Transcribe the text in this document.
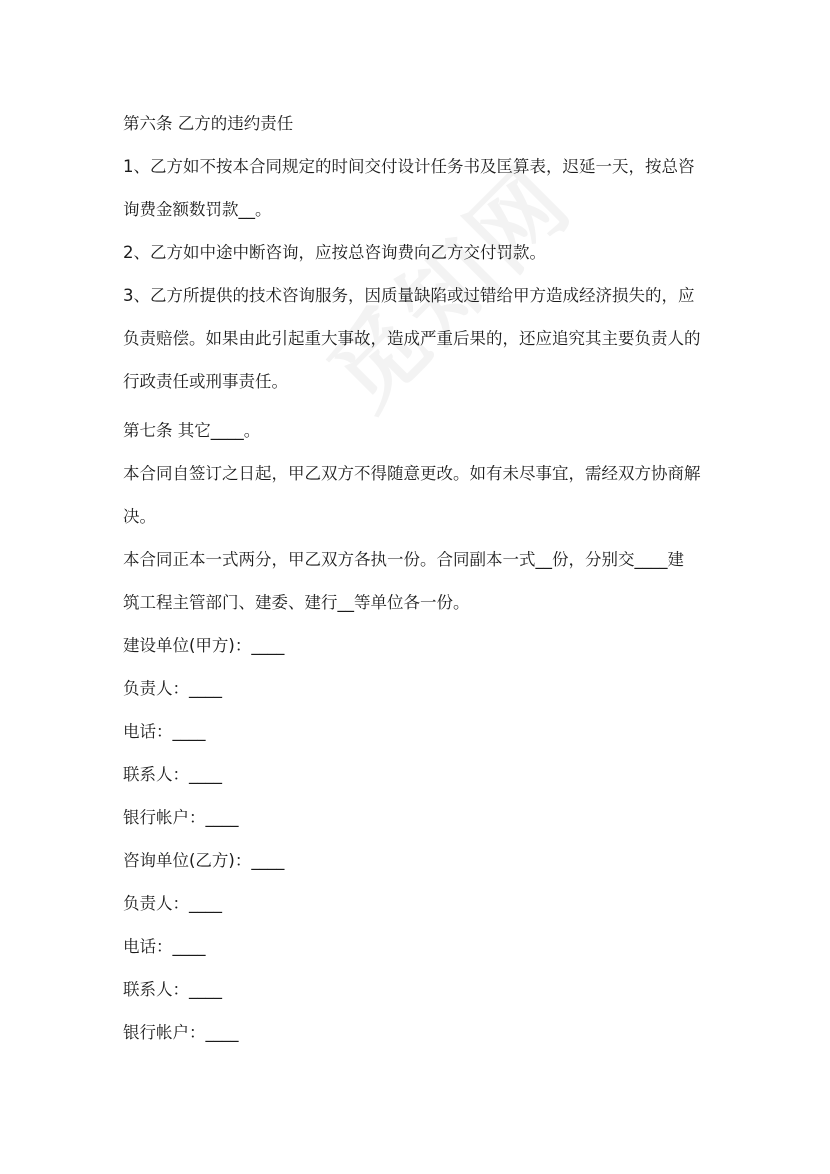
第六条 乙方的违约责任
1、乙方如不按本合同规定的时间交付设计任务书及匡算表，迟延一天，按总咨
询费金额数罚款__。
2、乙方如中途中断咨询，应按总咨询费向乙方交付罚款。
3、乙方所提供的技术咨询服务，因质量缺陷或过错给甲方造成经济损失的，应
负责赔偿。如果由此引起重大事故，造成严重后果的，还应追究其主要负责人的
行政责任或刑事责任。
第七条 其它____。
本合同自签订之日起，甲乙双方不得随意更改。如有未尽事宜，需经双方协商解
决。
本合同正本一式两分，甲乙双方各执一份。合同副本一式__份，分别交____建
筑工程主管部门、建委、建行__等单位各一份。
建设单位(甲方)：____
负责人：____
电话：____
联系人：____
银行帐户：____
咨询单位(乙方)：____
负责人：____
电话：____
联系人：____
银行帐户：____
